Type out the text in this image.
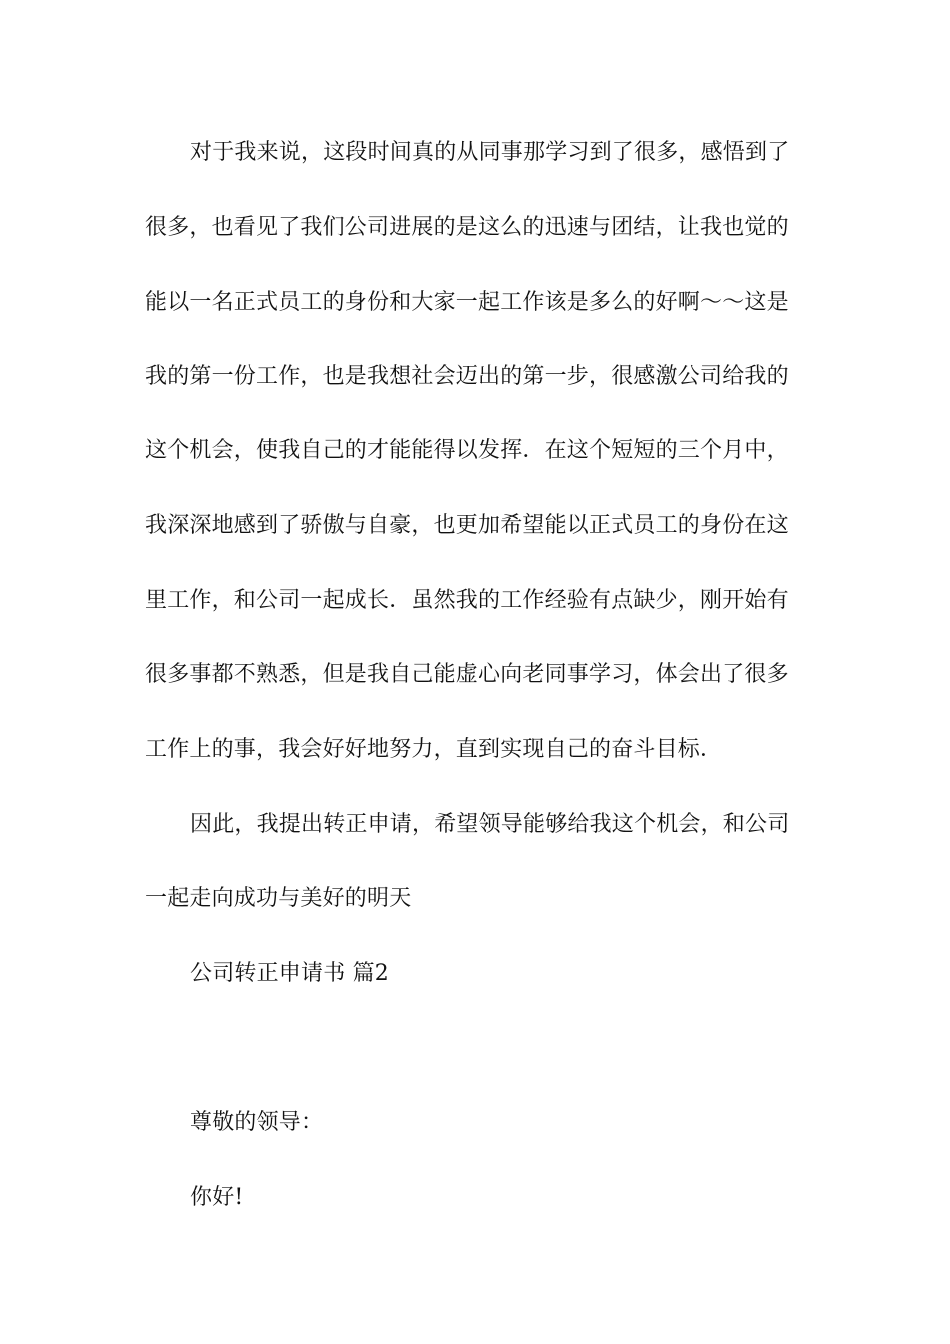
对于我来说，这段时间真的从同事那学习到了很多，感悟到了
很多，也看见了我们公司进展的是这么的迅速与团结，让我也觉的
能以一名正式员工的身份和大家一起工作该是多么的好啊～～这是
我的第一份工作，也是我想社会迈出的第一步，很感激公司给我的
这个机会，使我自己的才能能得以发挥．在这个短短的三个月中，
我深深地感到了骄傲与自豪，也更加希望能以正式员工的身份在这
里工作，和公司一起成长．虽然我的工作经验有点缺少，刚开始有
很多事都不熟悉，但是我自己能虚心向老同事学习，体会出了很多
工作上的事，我会好好地努力，直到实现自己的奋斗目标．
因此，我提出转正申请，希望领导能够给我这个机会，和公司
一起走向成功与美好的明天
公司转正申请书 篇2
尊敬的领导：
你好!
